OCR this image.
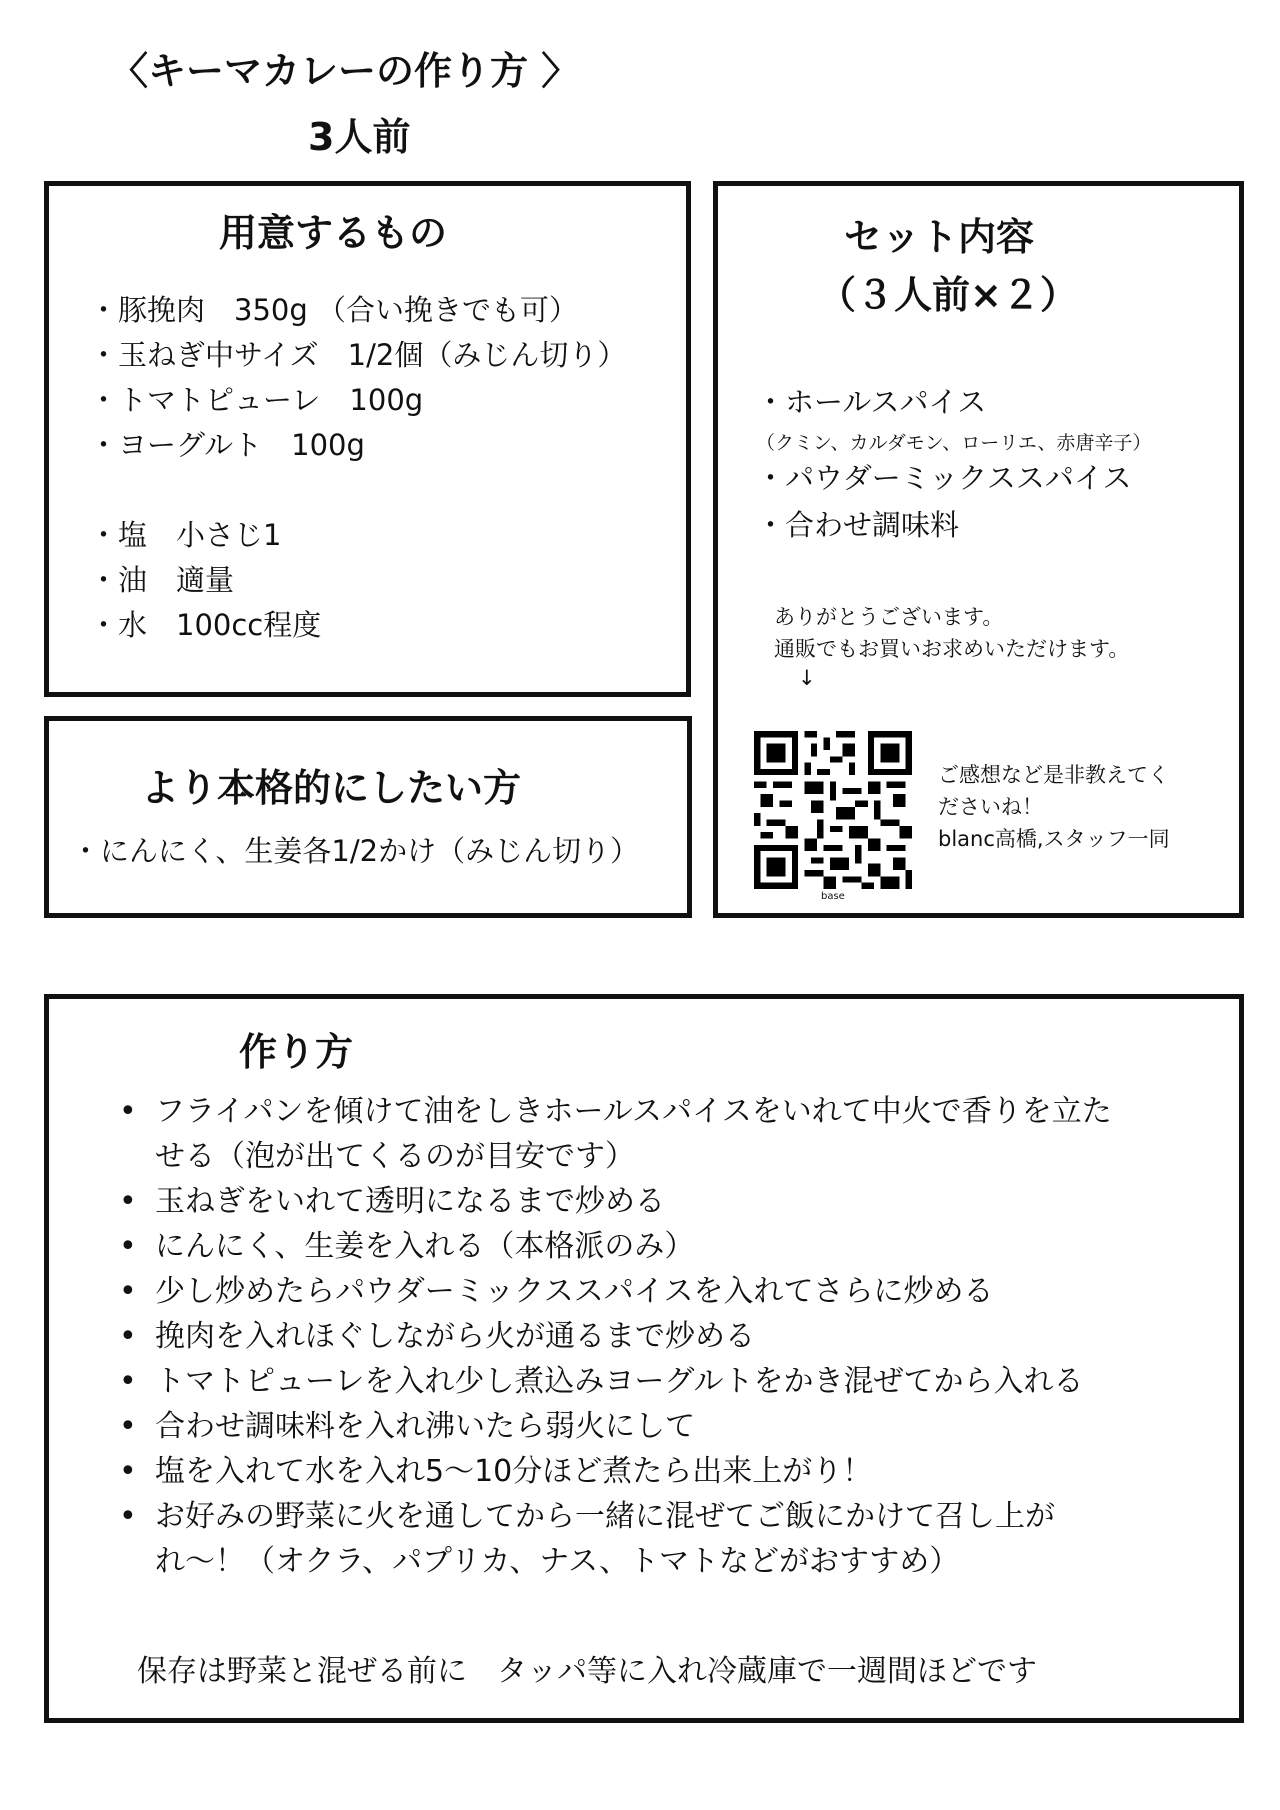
〈キーマカレーの作り方 〉
3人前
用意するもの
・豚挽肉　350g （合い挽きでも可）
・玉ねぎ中サイズ　1/2個（みじん切り）
・トマトピューレ　100g
・ヨーグルト　100g
・塩　小さじ1
・油　適量
・水　100cc程度
より本格的にしたい方
・にんにく、生姜各1/2かけ（みじん切り）
セット内容
（３人前×２）
・ホールスパイス
（クミン、カルダモン、ローリエ、赤唐辛子）
・パウダーミックススパイス
・合わせ調味料
ありがとうございます。
通販でもお買いお求めいただけます。
↓
base
ご感想など是非教えてく
ださいね！
blanc高橋,スタッフ一同
作り方
• フライパンを傾けて油をしきホールスパイスをいれて中火で香りを立た
せる（泡が出てくるのが目安です）
• 玉ねぎをいれて透明になるまで炒める
• にんにく、生姜を入れる（本格派のみ）
• 少し炒めたらパウダーミックススパイスを入れてさらに炒める
• 挽肉を入れほぐしながら火が通るまで炒める
• トマトピューレを入れ少し煮込みヨーグルトをかき混ぜてから入れる
• 合わせ調味料を入れ沸いたら弱火にして
• 塩を入れて水を入れ5〜10分ほど煮たら出来上がり！
• お好みの野菜に火を通してから一緒に混ぜてご飯にかけて召し上が
れ〜！（オクラ、パプリカ、ナス、トマトなどがおすすめ）
保存は野菜と混ぜる前に　タッパ等に入れ冷蔵庫で一週間ほどです
